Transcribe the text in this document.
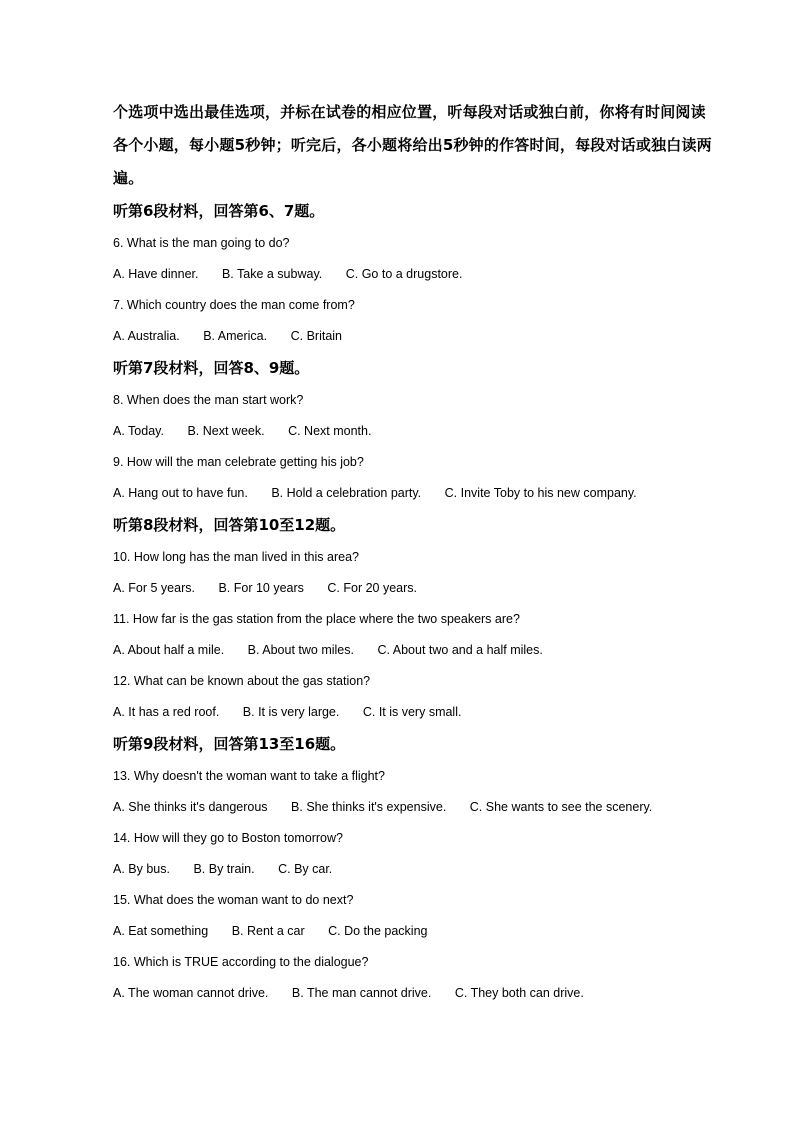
个选项中选出最佳选项，并标在试卷的相应位置，听每段对话或独白前，你将有时间阅读各个小题，每小题5秒钟；听完后，各小题将给出5秒钟的作答时间，每段对话或独白读两遍。

听第6段材料，回答第6、7题。

6. What is the man going to do?
A. Have dinner. B. Take a subway. C. Go to a drugstore.
7. Which country does the man come from?
A. Australia. B. America. C. Britain

听第7段材料，回答8、9题。

8. When does the man start work?
A. Today. B. Next week. C. Next month.
9. How will the man celebrate getting his job?
A. Hang out to have fun. B. Hold a celebration party. C. Invite Toby to his new company.

听第8段材料，回答第10至12题。

10. How long has the man lived in this area?
A. For 5 years. B. For 10 years C. For 20 years.
11. How far is the gas station from the place where the two speakers are?
A. About half a mile. B. About two miles. C. About two and a half miles.
12. What can be known about the gas station?
A. It has a red roof. B. It is very large. C. It is very small.

听第9段材料，回答第13至16题。

13. Why doesn't the woman want to take a flight?
A. She thinks it's dangerous B. She thinks it's expensive. C. She wants to see the scenery.
14. How will they go to Boston tomorrow?
A. By bus. B. By train. C. By car.
15. What does the woman want to do next?
A. Eat something B. Rent a car C. Do the packing
16. Which is TRUE according to the dialogue?
A. The woman cannot drive. B. The man cannot drive. C. They both can drive.
